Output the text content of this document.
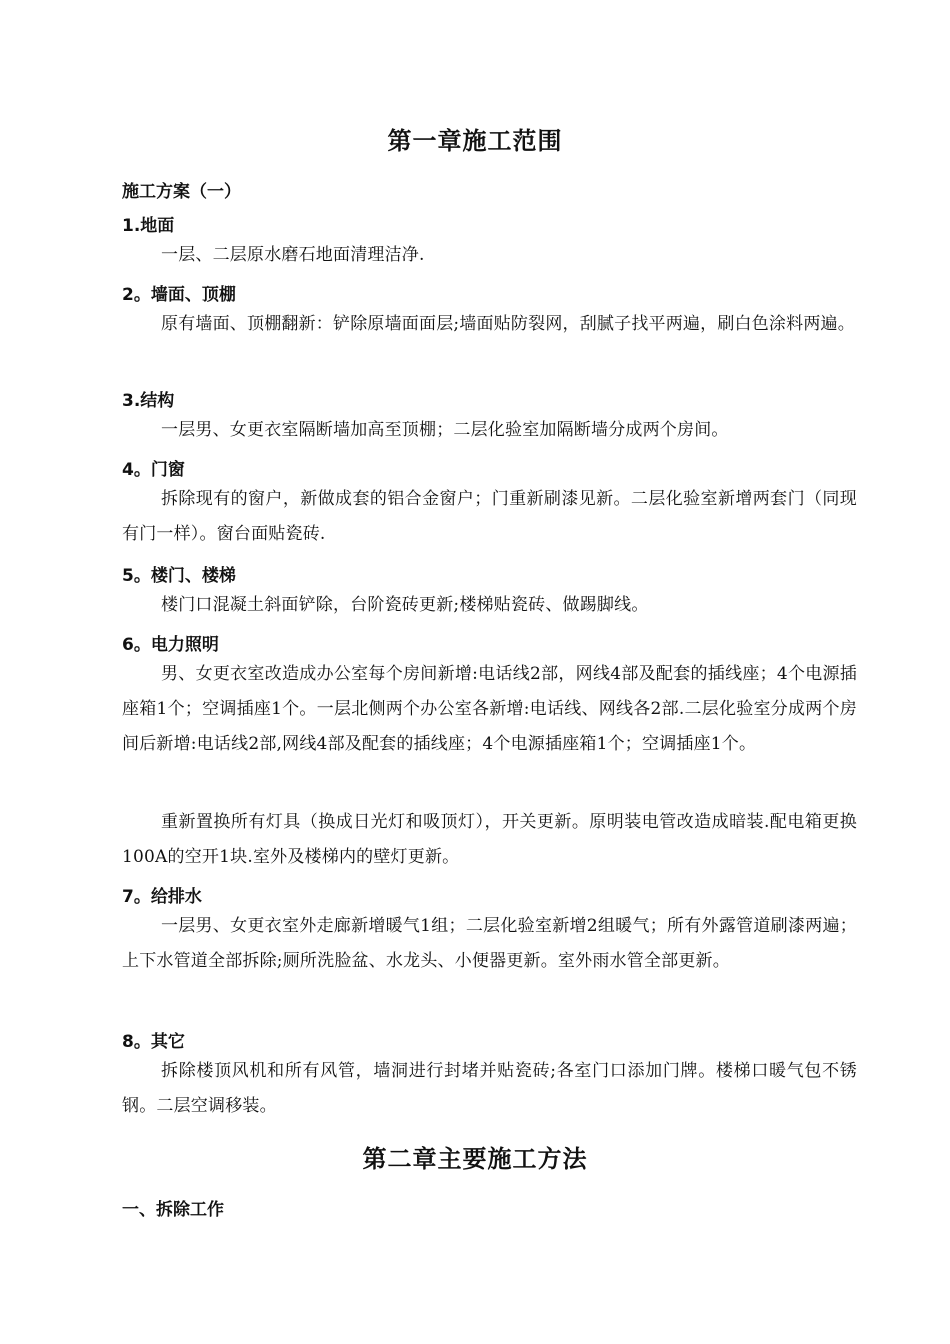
第一章施工范围
施工方案（一）
1.地面

一层、二层原水磨石地面清理洁净.

2。墙面、顶棚

原有墙面、顶棚翻新：铲除原墙面面层;墙面贴防裂网，刮腻子找平两遍，刷白色涂料两遍。

3.结构

一层男、女更衣室隔断墙加高至顶棚；二层化验室加隔断墙分成两个房间。

4。门窗

拆除现有的窗户，新做成套的铝合金窗户；门重新刷漆见新。二层化验室新增两套门（同现有门一样）。窗台面贴瓷砖.

5。楼门、楼梯

楼门口混凝土斜面铲除，台阶瓷砖更新;楼梯贴瓷砖、做踢脚线。

6。电力照明

男、女更衣室改造成办公室每个房间新增:电话线2部，网线4部及配套的插线座；4个电源插座箱1个；空调插座1个。一层北侧两个办公室各新增:电话线、网线各2部.二层化验室分成两个房间后新增:电话线2部,网线4部及配套的插线座；4个电源插座箱1个；空调插座1个。

重新置换所有灯具（换成日光灯和吸顶灯），开关更新。原明装电管改造成暗装.配电箱更换100A的空开1块.室外及楼梯内的壁灯更新。

7。给排水

一层男、女更衣室外走廊新增暖气1组；二层化验室新增2组暖气；所有外露管道刷漆两遍；上下水管道全部拆除;厕所洗脸盆、水龙头、小便器更新。室外雨水管全部更新。

8。其它

拆除楼顶风机和所有风管，墙洞进行封堵并贴瓷砖;各室门口添加门牌。楼梯口暖气包不锈钢。二层空调移装。

第二章主要施工方法
一、拆除工作
